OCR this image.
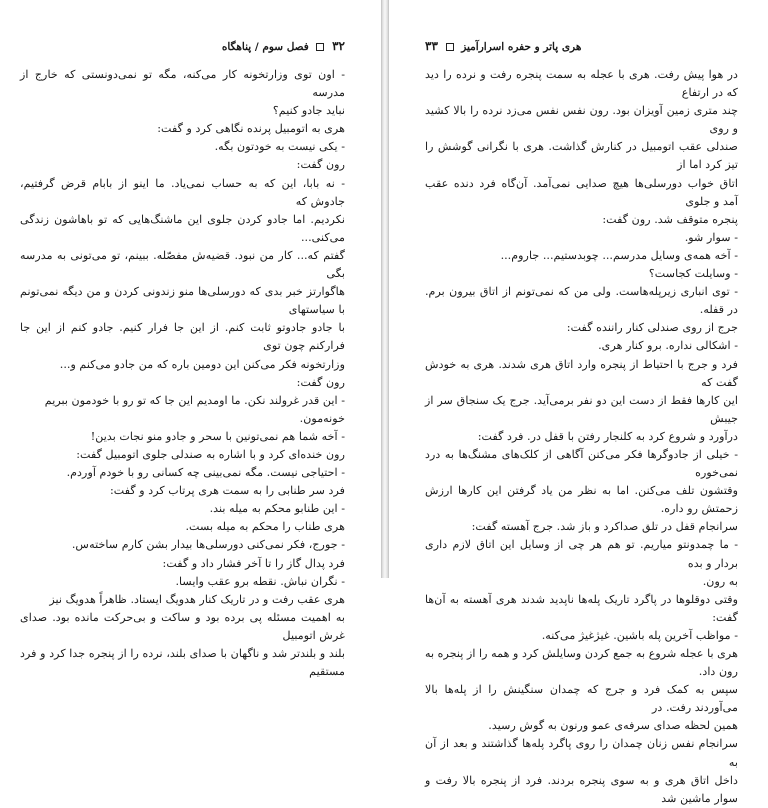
۳۲  فصل سوم / پناهگاه

- اون توی وزارتخونه کار می‌کنه، مگه تو نمی‌دونستی که خارج از مدرسه

نباید جادو کنیم؟

هری به اتومبیل پرنده نگاهی کرد و گفت:

- یکی نیست به خودتون بگه.

رون گفت:

- نه بابا، این که به حساب نمی‌یاد. ما اینو از بابام قرض گرفتیم، جادوش که

نکردیم. اما جادو کردن جلوی این ماشنگ‌هایی که تو باهاشون زندگی می‌کنی...

گفتم که... کار من نبود. قضیه‌ش مفصّله. ببینم، تو می‌تونی به مدرسه بگی

هاگوارتز خبر بدی که دورسلی‌ها منو زندونی کردن و من دیگه نمی‌تونم با سیاستهای

با جادو جادوتو ثابت کنم. از این جا فرار کنیم. جادو کنم از این جا فرارکنم چون توی

وزارتخونه فکر می‌کنن این دومین باره که من جادو می‌کنم و...

رون گفت:

- این قدر غرولند نکن. ما اومدیم این جا که تو رو با خودمون ببریم

خونه‌مون.

- آخه شما هم نمی‌تونین با سحر و جادو منو نجات بدین!

رون خنده‌ای کرد و با اشاره به صندلی جلوی اتومبیل گفت:

- احتیاجی نیست. مگه نمی‌بینی چه کسانی رو با خودم آوردم.

فرد سر طنابی را به سمت هری پرتاب کرد و گفت:

- این طنابو محکم به میله بند.

هری طناب را محکم به میله بست.

- جورج، فکر نمی‌کنی دورسلی‌ها بیدار بشن کارم ساخته‌س.

فرد پدال گاز را تا آخر فشار داد و گفت:

- نگران نباش. نقطه برو عقب وایسا.

هری عقب رفت و در تاریک کنار هدویگ ایستاد. ظاهراً هدویگ نیز

به اهمیت مسئله پی برده بود و ساکت و بی‌حرکت مانده بود. صدای غرش اتومبیل

بلند و بلندتر شد و ناگهان با صدای بلند، نرده را از پنجره جدا کرد و فرد مستقیم

هری پاتر و حفره اسرارآمیز  ۳۳

در هوا پیش رفت. هری با عجله به سمت پنجره رفت و نرده را دید که در ارتفاع

چند متری زمین آویزان بود. رون نفس نفس می‌زد نرده را بالا کشید و روی

صندلی عقب اتومبیل در کنارش گذاشت. هری با نگرانی گوشش را تیز کرد اما از

اتاق خواب دورسلی‌ها هیچ صدایی نمی‌آمد. آن‌گاه فرد دنده عقب آمد و جلوی

پنجره متوقف شد. رون گفت:

- سوار شو.

- آخه همه‌ی وسایل مدرسم... چوبدستیم... جاروم...

- وسایلت کجاست؟

- توی انباری زیرپله‌هاست. ولی من که نمی‌تونم از اتاق بیرون برم. در قفله.

جرج از روی صندلی کنار راننده گفت:

- اشکالی نداره. برو کنار هری.

فرد و جرج با احتیاط از پنجره وارد اتاق هری شدند. هری به خودش گفت که

این کارها فقط از دست این دو نفر برمی‌آید. جرج یک سنجاق سر از جیبش

درآورد و شروع کرد به کلنجار رفتن با قفل در. فرد گفت:

- خیلی از جادوگرها فکر می‌کنن آگاهی از کلک‌های مشنگ‌ها به درد نمی‌خوره

وقتشون تلف می‌کنن. اما به نظر من یاد گرفتن این کارها ارزش زحمتش رو داره.

سرانجام قفل در تلق صداکرد و باز شد. جرج آهسته گفت:

- ما چمدونتو میاریم. تو هم هر چی از وسایل این اتاق لازم داری بردار و بده

به رون.

وقتی دوقلوها در پاگرد تاریک پله‌ها ناپدید شدند هری آهسته به آن‌ها گفت:

- مواظب آخرین پله باشین. غیژغیژ می‌کنه.

هری با عجله شروع به جمع کردن وسایلش کرد و همه را از پنجره به رون داد.

سپس به کمک فرد و جرج که چمدان سنگینش را از پله‌ها بالا می‌آوردند رفت. در

همین لحظه صدای سرفه‌ی عمو ورنون به گوش رسید.

سرانجام نفس زنان چمدان را روی پاگرد پله‌ها گذاشتند و بعد از آن به

داخل اتاق هری و به سوی پنجره بردند. فرد از پنجره بالا رفت و سوار ماشین شد
